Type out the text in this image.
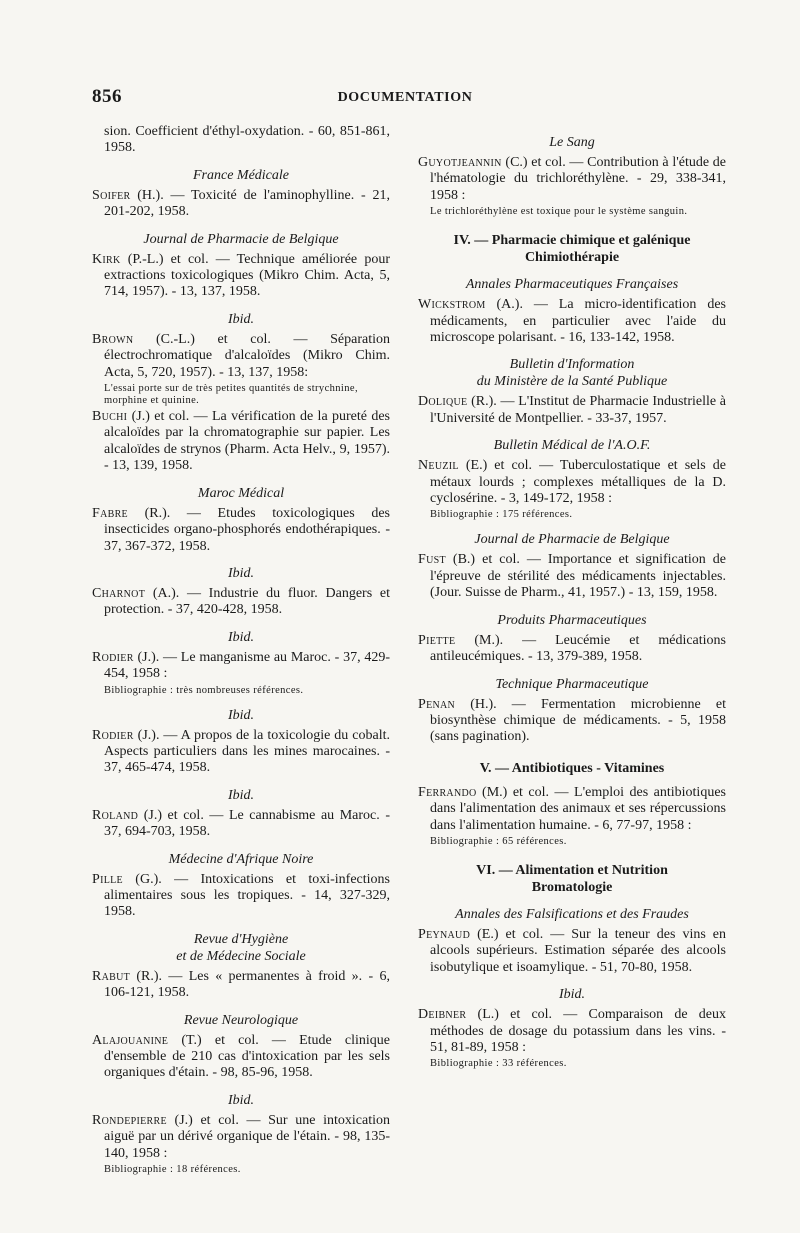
856	DOCUMENTATION
sion. Coefficient d'éthyl-oxydation. - 60, 851-861, 1958.
France Médicale
Soifer (H.). — Toxicité de l'aminophylline. - 21, 201-202, 1958.
Journal de Pharmacie de Belgique
Kirk (P.-L.) et col. — Technique améliorée pour extractions toxicologiques (Mikro Chim. Acta, 5, 714, 1957). - 13, 137, 1958.
Ibid.
Brown (C.-L.) et col. — Séparation électrochromatique d'alcaloïdes (Mikro Chim. Acta, 5, 720, 1957). - 13, 137, 1958:
L'essai porte sur de très petites quantités de strychnine, morphine et quinine.
Buchi (J.) et col. — La vérification de la pureté des alcaloïdes par la chromatographie sur papier. Les alcaloïdes de strynos (Pharm. Acta Helv., 9, 1957). - 13, 139, 1958.
Maroc Médical
Fabre (R.). — Etudes toxicologiques des insecticides organo-phosphorés endothérapiques. - 37, 367-372, 1958.
Ibid.
Charnot (A.). — Industrie du fluor. Dangers et protection. - 37, 420-428, 1958.
Ibid.
Rodier (J.). — Le manganisme au Maroc. - 37, 429-454, 1958 :
Bibliographie : très nombreuses références.
Ibid.
Rodier (J.). — A propos de la toxicologie du cobalt. Aspects particuliers dans les mines marocaines. - 37, 465-474, 1958.
Ibid.
Roland (J.) et col. — Le cannabisme au Maroc. - 37, 694-703, 1958.
Médecine d'Afrique Noire
Pille (G.). — Intoxications et toxi-infections alimentaires sous les tropiques. - 14, 327-329, 1958.
Revue d'Hygiène
et de Médecine Sociale
Rabut (R.). — Les « permanentes à froid ». - 6, 106-121, 1958.
Revue Neurologique
Alajouanine (T.) et col. — Etude clinique d'ensemble de 210 cas d'intoxication par les sels organiques d'étain. - 98, 85-96, 1958.
Ibid.
Rondepierre (J.) et col. — Sur une intoxication aiguë par un dérivé organique de l'étain. - 98, 135-140, 1958 :
Bibliographie : 18 références.
Le Sang
Guyotjeannin (C.) et col. — Contribution à l'étude de l'hématologie du trichloréthylène. - 29, 338-341, 1958 :
Le trichloréthylène est toxique pour le système sanguin.
IV. — Pharmacie chimique et galénique
Chimiothérapie
Annales Pharmaceutiques Françaises
Wickstrom (A.). — La micro-identification des médicaments, en particulier avec l'aide du microscope polarisant. - 16, 133-142, 1958.
Bulletin d'Information
du Ministère de la Santé Publique
Dolique (R.). — L'Institut de Pharmacie Industrielle à l'Université de Montpellier. - 33-37, 1957.
Bulletin Médical de l'A.O.F.
Neuzil (E.) et col. — Tuberculostatique et sels de métaux lourds ; complexes métalliques de la D. cyclosérine. - 3, 149-172, 1958 :
Bibliographie : 175 références.
Journal de Pharmacie de Belgique
Fust (B.) et col. — Importance et signification de l'épreuve de stérilité des médicaments injectables. (Jour. Suisse de Pharm., 41, 1957.) - 13, 159, 1958.
Produits Pharmaceutiques
Piette (M.). — Leucémie et médications antileucémiques. - 13, 379-389, 1958.
Technique Pharmaceutique
Penan (H.). — Fermentation microbienne et biosynthèse chimique de médicaments. - 5, 1958 (sans pagination).
V. — Antibiotiques - Vitamines
Ferrando (M.) et col. — L'emploi des antibiotiques dans l'alimentation des animaux et ses répercussions dans l'alimentation humaine. - 6, 77-97, 1958 :
Bibliographie : 65 références.
VI. — Alimentation et Nutrition
Bromatologie
Annales des Falsifications et des Fraudes
Peynaud (E.) et col. — Sur la teneur des vins en alcools supérieurs. Estimation séparée des alcools isobutylique et isoamylique. - 51, 70-80, 1958.
Ibid.
Deibner (L.) et col. — Comparaison de deux méthodes de dosage du potassium dans les vins. - 51, 81-89, 1958 :
Bibliographie : 33 références.
